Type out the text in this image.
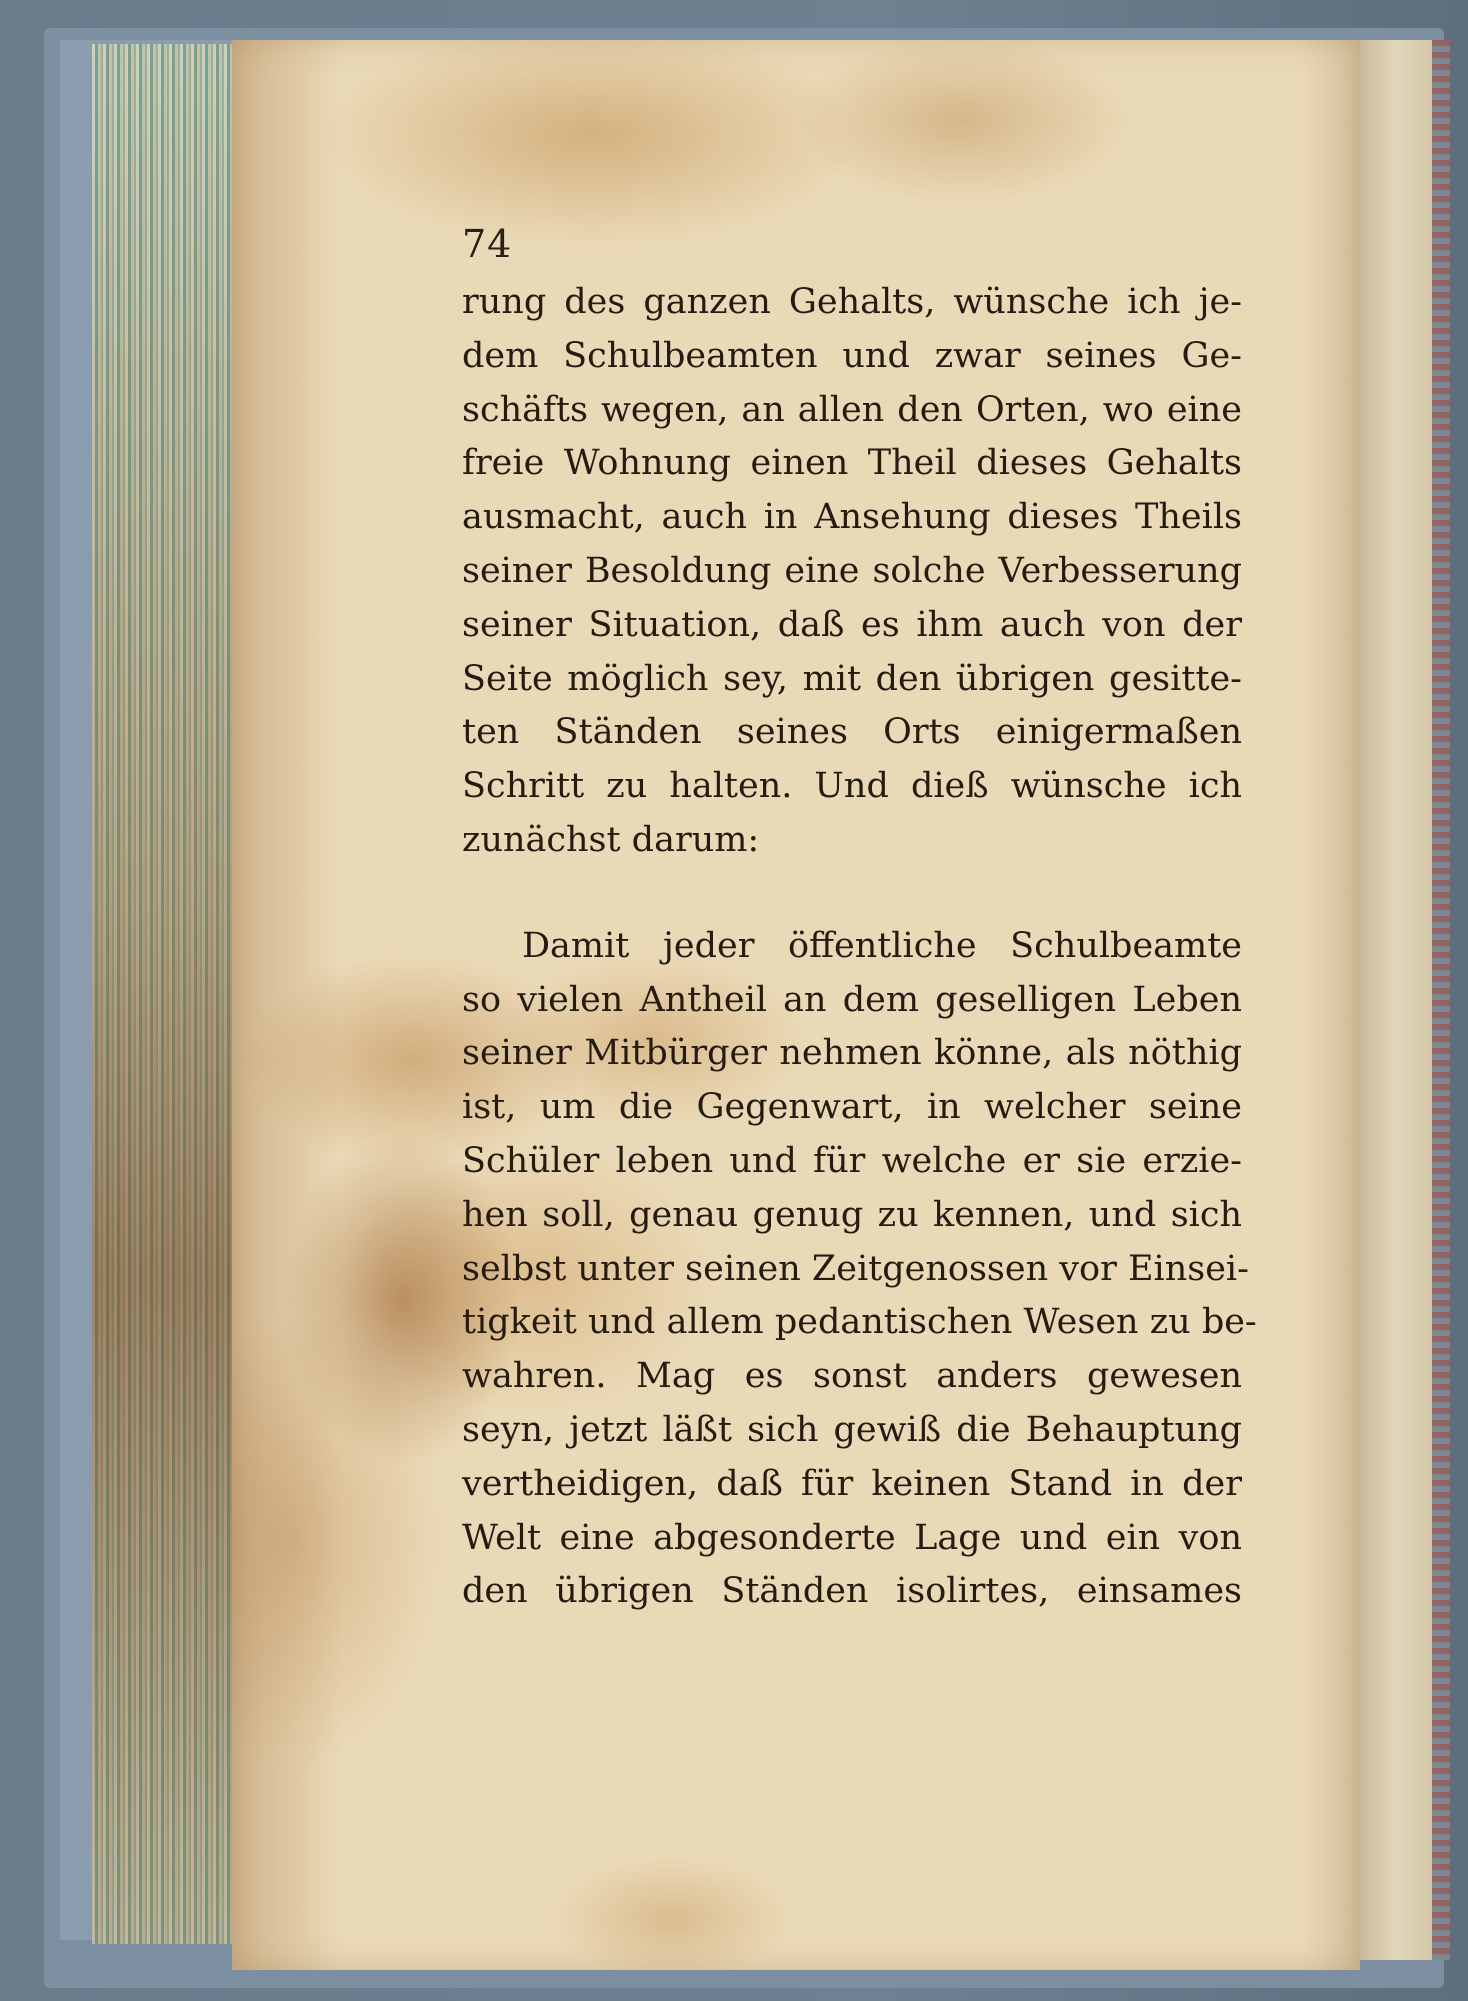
74
rung des ganzen Gehalts, wünsche ich je-
dem Schulbeamten und zwar seines Ge-
schäfts wegen, an allen den Orten, wo eine
freie Wohnung einen Theil dieses Gehalts
ausmacht, auch in Ansehung dieses Theils
seiner Besoldung eine solche Verbesserung
seiner Situation, daß es ihm auch von der
Seite möglich sey, mit den übrigen gesitte-
ten Ständen seines Orts einigermaßen
Schritt zu halten. Und dieß wünsche ich
zunächst darum:
Damit jeder öffentliche Schulbeamte
so vielen Antheil an dem geselligen Leben
seiner Mitbürger nehmen könne, als nöthig
ist, um die Gegenwart, in welcher seine
Schüler leben und für welche er sie erzie-
hen soll, genau genug zu kennen, und sich
selbst unter seinen Zeitgenossen vor Einsei-
tigkeit und allem pedantischen Wesen zu be-
wahren. Mag es sonst anders gewesen
seyn, jetzt läßt sich gewiß die Behauptung
vertheidigen, daß für keinen Stand in der
Welt eine abgesonderte Lage und ein von
den übrigen Ständen isolirtes, einsames
